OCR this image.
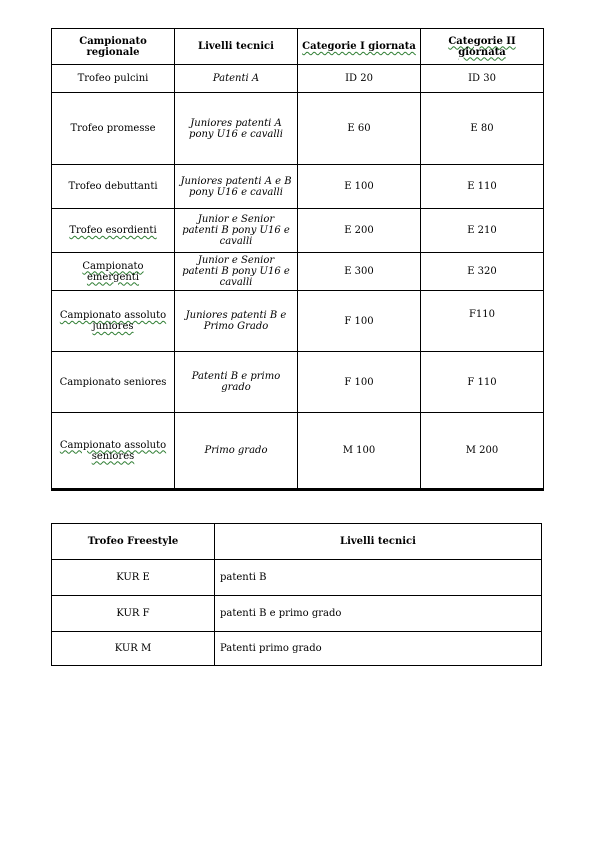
Campionato regionale	Livelli tecnici	Categorie I giornata	Categorie II giornata
Trofeo pulcini	Patenti A	ID 20	ID 30
Trofeo promesse	Juniores patenti A pony U16 e cavalli	E 60	E 80
Trofeo debuttanti	Juniores patenti A e B pony U16 e cavalli	E 100	E 110
Trofeo esordienti	Junior e Senior patenti B pony U16 e cavalli	E 200	E 210
Campionato emergenti	Junior e Senior patenti B pony U16 e cavalli	E 300	E 320
Campionato assoluto juniores	Juniores patenti B e Primo Grado	F 100	F110
Campionato seniores	Patenti B e primo grado	F 100	F 110
Campionato assoluto seniores	Primo grado	M 100	M 200
Trofeo Freestyle	Livelli tecnici
KUR E	patenti B
KUR F	patenti B e primo grado
KUR M	Patenti primo grado
